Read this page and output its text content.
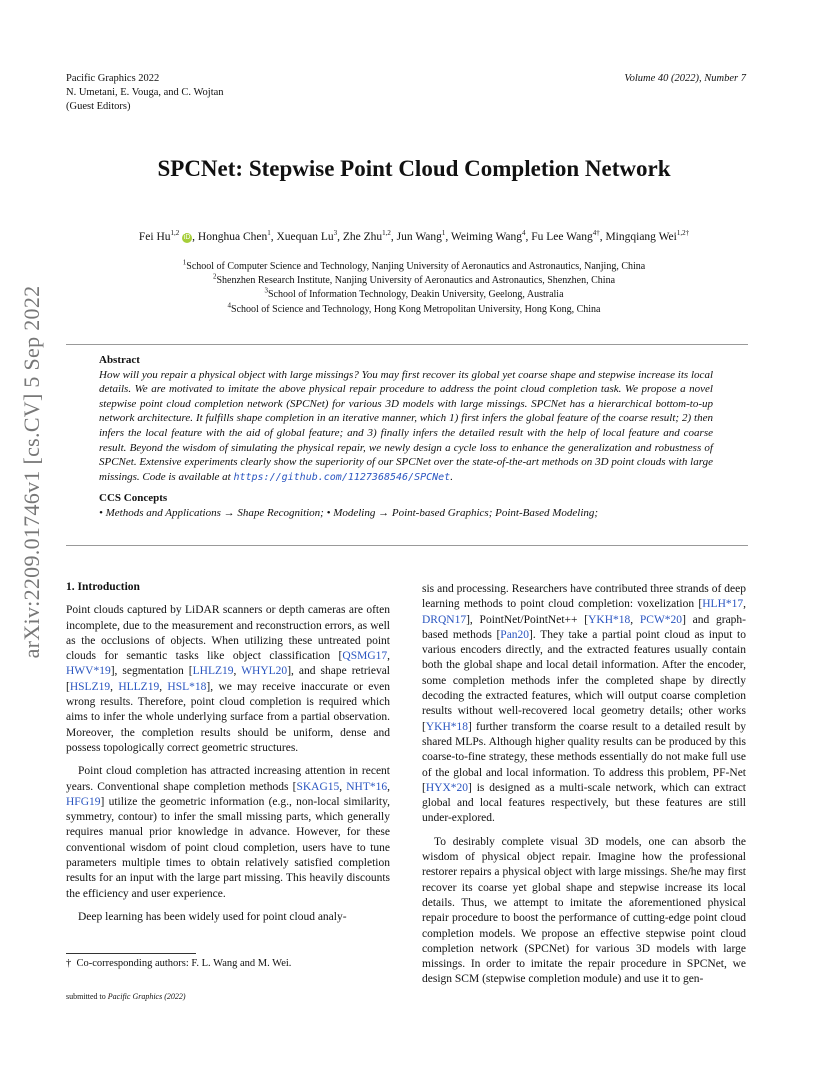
Pacific Graphics 2022
N. Umetani, E. Vouga, and C. Wojtan
(Guest Editors)
Volume 40 (2022), Number 7
arXiv:2209.01746v1 [cs.CV] 5 Sep 2022
SPCNet: Stepwise Point Cloud Completion Network
Fei Hu$^{1,2}$ iD , Honghua Chen$^1$, Xuequan Lu$^3$, Zhe Zhu$^{1,2}$, Jun Wang$^1$, Weiming Wang$^4$, Fu Lee Wang$^{4\dagger}$, Mingqiang Wei$^{1,2\dagger}$
$^1$School of Computer Science and Technology, Nanjing University of Aeronautics and Astronautics, Nanjing, China
$^2$Shenzhen Research Institute, Nanjing University of Aeronautics and Astronautics, Shenzhen, China
$^3$School of Information Technology, Deakin University, Geelong, Australia
$^4$School of Science and Technology, Hong Kong Metropolitan University, Hong Kong, China
Abstract
How will you repair a physical object with large missings? You may first recover its global yet coarse shape and stepwise increase its local details. We are motivated to imitate the above physical repair procedure to address the point cloud completion task. We propose a novel stepwise point cloud completion network (SPCNet) for various 3D models with large missings. SPCNet has a hierarchical bottom-to-up network architecture. It fulfills shape completion in an iterative manner, which 1) first infers the global feature of the coarse result; 2) then infers the local feature with the aid of global feature; and 3) finally infers the detailed result with the help of local feature and coarse result. Beyond the wisdom of simulating the physical repair, we newly design a cycle loss to enhance the generalization and robustness of SPCNet. Extensive experiments clearly show the superiority of our SPCNet over the state-of-the-art methods on 3D point clouds with large missings. Code is available at https://github.com/1127368546/SPCNet.
CCS Concepts
• Methods and Applications → Shape Recognition; • Modeling → Point-based Graphics; Point-Based Modeling;
1. Introduction

Point clouds captured by LiDAR scanners or depth cameras are often incomplete, due to the measurement and reconstruction errors, as well as the occlusions of objects. When utilizing these untreated point clouds for semantic tasks like object classification [QSMG17, HWV*19], segmentation [LHLZ19, WHYL20], and shape retrieval [HSLZ19, HLLZ19, HSL*18], we may receive inaccurate or even wrong results. Therefore, point cloud completion is required which aims to infer the whole underlying surface from a partial observation. Moreover, the completion results should be uniform, dense and possess topologically correct geometric structures.

Point cloud completion has attracted increasing attention in recent years. Conventional shape completion methods [SKAG15, NHT*16, HFG19] utilize the geometric information (e.g., non-local similarity, symmetry, contour) to infer the small missing parts, which generally requires manual prior knowledge in advance. However, for these conventional wisdom of point cloud completion, users have to tune parameters multiple times to obtain relatively satisfied completion results for an input with the large part missing. This heavily discounts the efficiency and user experience.

Deep learning has been widely used for point cloud analy-

sis and processing. Researchers have contributed three strands of deep learning methods to point cloud completion: voxelization [HLH*17, DRQN17], PointNet/PointNet++ [YKH*18, PCW*20] and graph-based methods [Pan20]. They take a partial point cloud as input to various encoders directly, and the extracted features usually contain both the global shape and local detail information. After the encoder, some completion methods infer the completed shape by directly decoding the extracted features, which will output coarse completion results without well-recovered local geometry details; other works [YKH*18] further transform the coarse result to a detailed result by shared MLPs. Although higher quality results can be produced by this coarse-to-fine strategy, these methods essentially do not make full use of the global and local information. To address this problem, PF-Net [HYX*20] is designed as a multi-scale network, which can extract global and local features respectively, but these features are still under-explored.

To desirably complete visual 3D models, one can absorb the wisdom of physical object repair. Imagine how the professional restorer repairs a physical object with large missings. She/he may first recover its coarse yet global shape and stepwise increase its local details. Thus, we attempt to imitate the aforementioned physical repair procedure to boost the performance of cutting-edge point cloud completion models. We propose an effective stepwise point cloud completion network (SPCNet) for various 3D models with large missings. In order to imitate the repair procedure in SPCNet, we design SCM (stepwise completion module) and use it to gen-

† Co-corresponding authors: F. L. Wang and M. Wei.
submitted to Pacific Graphics (2022)
